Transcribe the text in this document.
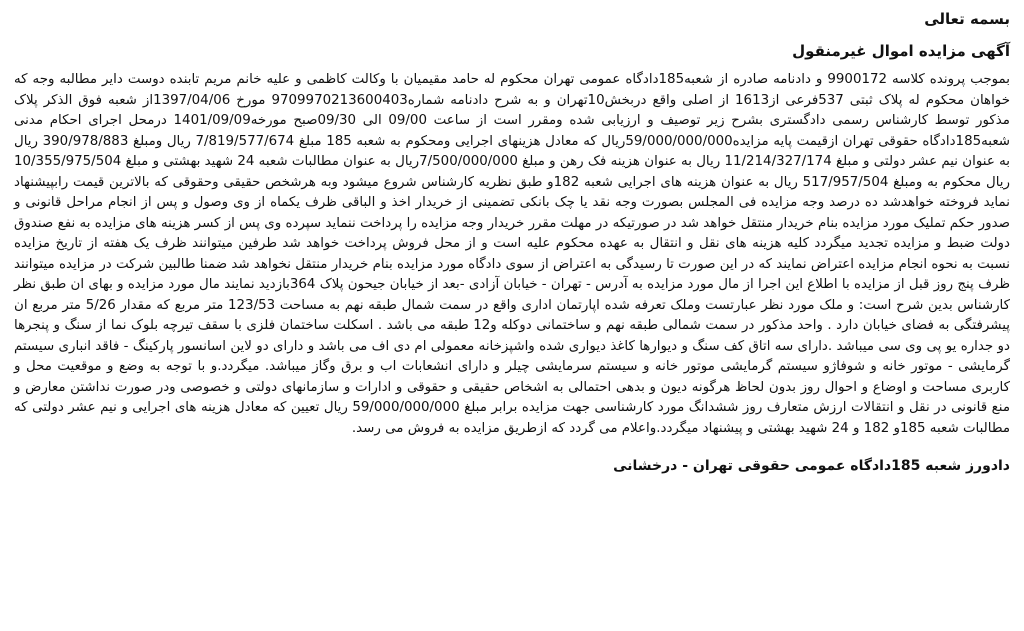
بسمه تعالی

آگهی مزایده اموال غیرمنقول

بموجب پرونده کلاسه 9900172 و دادنامه صادره از شعبه185دادگاه عمومی تهران محکوم له حامد مقیمیان با وکالت کاظمی و علیه خانم مریم تابنده دوست دایر مطالبه وجه که خواهان محکوم له پلاک ثبتی 537فرعی از1613 از اصلی واقع دربخش10تهران و به شرح دادنامه شماره9709970213600403 مورخ 1397/04/06از شعبه فوق الذکر پلاک مذکور توسط کارشناس رسمی دادگستری بشرح زیر توصیف و ارزیابی شده ومقرر است از ساعت 09/00 الی 09/30صبح مورخه1401/09/09 درمحل اجرای احکام مدنی شعبه185دادگاه حقوقی تهران ازقیمت پایه مزایده59/000/000/000ریال که معادل هزینهای اجرایی ومحکوم به شعبه 185 مبلغ 7/819/577/674 ریال ومبلغ 390/978/883 ریال به عنوان نیم عشر دولتی و مبلغ 11/214/327/174 ریال به عنوان هزینه فک رهن و مبلغ 7/500/000/000ریال به عنوان مطالبات شعبه 24 شهید بهشتی و مبلغ 10/355/975/504 ریال محکوم به ومبلغ 517/957/504 ریال به عنوان هزینه های اجرایی شعبه 182و طبق نظریه کارشناس شروع میشود وبه هرشخص حقیقی وحقوقی که بالاترین قیمت رابپیشنهاد نماید فروخته خواهدشد ده درصد وجه مزایده فی المجلس بصورت وجه نقد یا چک بانکی تضمینی از خریدار اخذ و الباقی ظرف یکماه از وی وصول و پس از انجام مراحل قانونی و صدور حکم تملیک مورد مزایده بنام خریدار منتقل خواهد شد در صورتیکه در مهلت مقرر خریدار وجه مزایده را پرداخت ننماید سپرده وی پس از کسر هزینه های مزایده به نفع صندوق دولت ضبط و مزایده تجدید میگردد کلیه هزینه های نقل و انتقال به عهده محکوم علیه است و از محل فروش پرداخت خواهد شد طرفین میتوانند ظرف یک هفته از تاریخ مزایده نسبت به نحوه انجام مزایده اعتراض نمایند که در این صورت تا رسیدگی به اعتراض از سوی دادگاه مورد مزایده بنام خریدار منتقل نخواهد شد ضمنا طالبین شرکت در مزایده میتوانند ظرف پنج روز قبل از مزایده با اطلاع این اجرا از مال مورد مزایده به آدرس - تهران - خیابان آزادی -بعد از خیابان جیحون پلاک 364بازدید نمایند مال مورد مزایده و بهای ان طبق نظر کارشناس بدین شرح است: و ملک مورد نظر عبارتست وملک تعرفه شده اپارتمان اداری واقع در سمت شمال طبقه نهم به مساحت 123/53 متر مربع که مقدار 5/26 متر مربع ان پیشرفتگی به فضای خیابان دارد . واحد مذکور در سمت شمالی طبقه نهم و ساختمانی دوکله و12 طبقه می باشد . اسکلت ساختمان فلزی با سقف تیرچه بلوک نما از سنگ و پنجرها دو جداره یو پی وی سی میباشد .دارای سه اتاق کف سنگ و دیوارها کاغذ دیواری شده واشپزخانه معمولی ام دی اف می باشد و دارای دو لاین اسانسور پارکینگ - فاقد انباری سیستم گرمایشی - موتور خانه و شوفاژو سیستم گرمایشی موتور خانه و سیستم سرمایشی چیلر و دارای انشعابات اب و برق وگاز میباشد. میگردد.و با توجه به وضع و موقعیت محل و کاربری مساحت و اوضاع و احوال روز بدون لحاظ هرگونه دیون و بدهی احتمالی به اشخاص حقیقی و حقوقی و ادارات و سازمانهای دولتی و خصوصی ودر صورت نداشتن معارض و منع قانونی در نقل و انتقالات ارزش متعارف روز ششدانگ مورد کارشناسی جهت مزایده برابر مبلغ 59/000/000/000 ریال تعیین که معادل هزینه های اجرایی و نیم عشر دولتی که مطالبات شعبه 185و 182 و 24 شهید بهشتی و پیشنهاد میگردد.واعلام می گردد که ازطریق مزایده به فروش می رسد.

دادورز شعبه 185دادگاه عمومی حقوقی تهران - درخشانی
